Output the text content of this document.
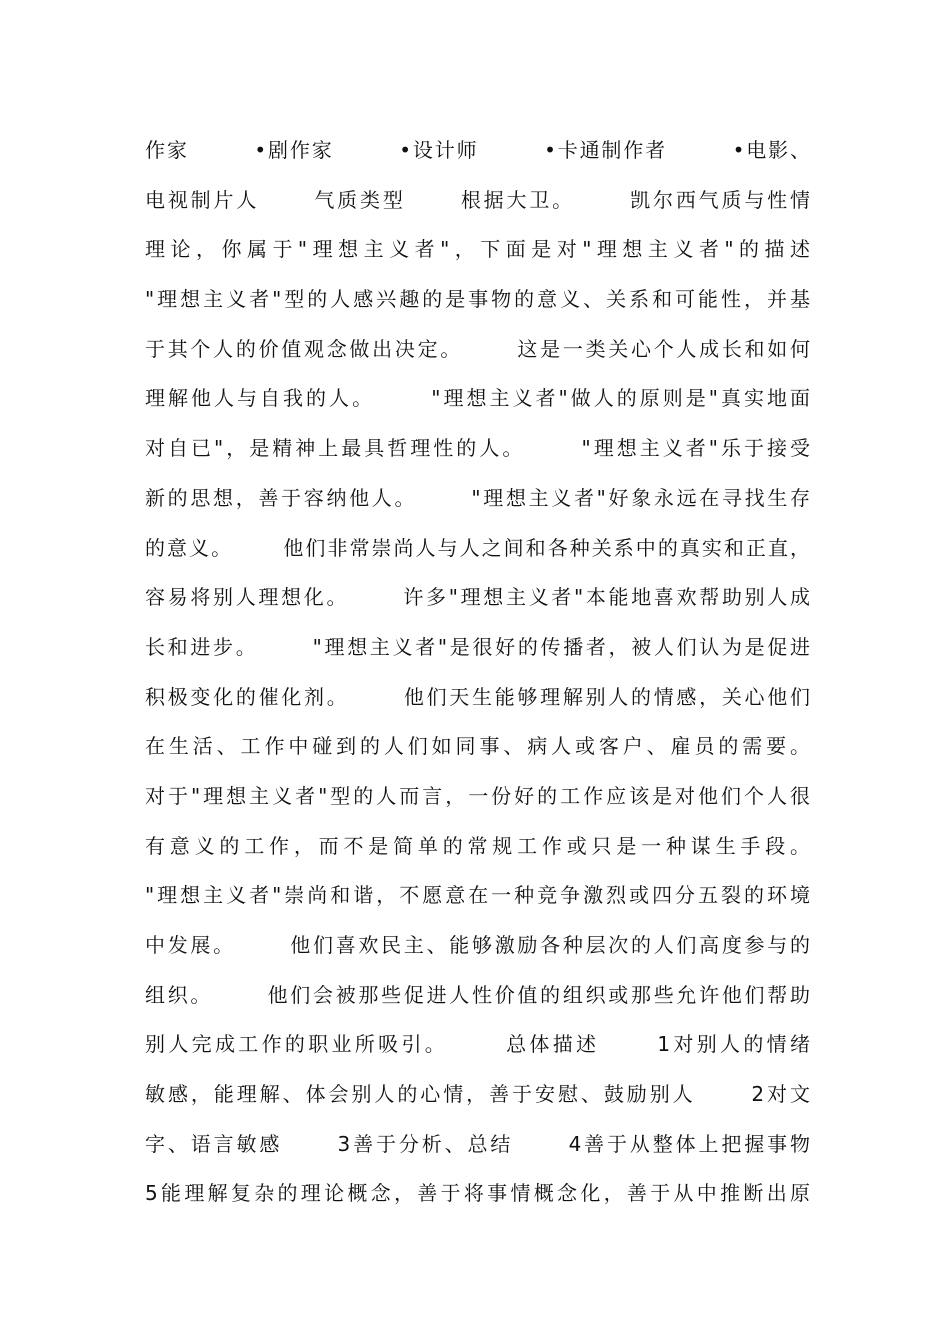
作家        •剧作家        •设计师        •卡通制作者        •电影、
电视制片人      气质类型      根据大卫。      凯尔西气质与性情
理论，你属于"理想主义者"，下面是对"理想主义者"的描述
"理想主义者"型的人感兴趣的是事物的意义、关系和可能性，并基
于其个人的价值观念做出决定。      这是一类关心个人成长和如何
理解他人与自我的人。      "理想主义者"做人的原则是"真实地面
对自已"，是精神上最具哲理性的人。      "理想主义者"乐于接受
新的思想，善于容纳他人。      "理想主义者"好象永远在寻找生存
的意义。      他们非常崇尚人与人之间和各种关系中的真实和正直，
容易将别人理想化。      许多"理想主义者"本能地喜欢帮助别人成
长和进步。      "理想主义者"是很好的传播者，被人们认为是促进
积极变化的催化剂。      他们天生能够理解别人的情感，关心他们
在生活、工作中碰到的人们如同事、病人或客户、雇员的需要。
对于"理想主义者"型的人而言，一份好的工作应该是对他们个人很
有意义的工作，而不是简单的常规工作或只是一种谋生手段。
"理想主义者"崇尚和谐，不愿意在一种竞争激烈或四分五裂的环境
中发展。      他们喜欢民主、能够激励各种层次的人们高度参与的
组织。      他们会被那些促进人性价值的组织或那些允许他们帮助
别人完成工作的职业所吸引。      总体描述      1对别人的情绪
敏感，能理解、体会别人的心情，善于安慰、鼓励别人      2对文
字、语言敏感      3善于分析、总结      4善于从整体上把握事物
5能理解复杂的理论概念，善于将事情概念化，善于从中推断出原
